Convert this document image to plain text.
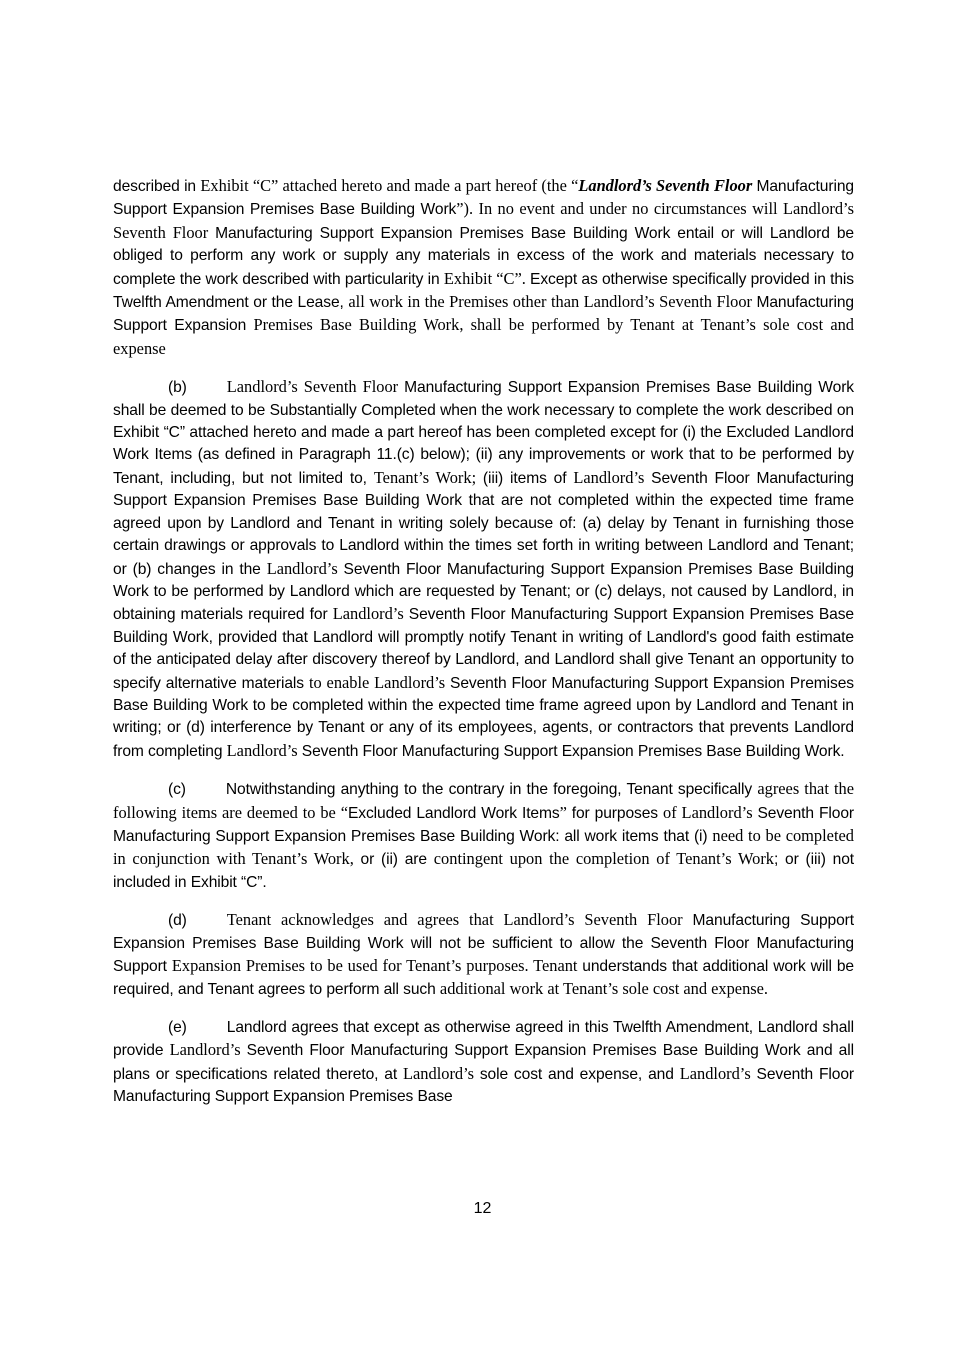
described in Exhibit “C” attached hereto and made a part hereof (the “Landlord’s Seventh Floor Manufacturing Support Expansion Premises Base Building Work”). In no event and under no circumstances will Landlord’s Seventh Floor Manufacturing Support Expansion Premises Base Building Work entail or will Landlord be obliged to perform any work or supply any materials in excess of the work and materials necessary to complete the work described with particularity in Exhibit “C”. Except as otherwise specifically provided in this Twelfth Amendment or the Lease, all work in the Premises other than Landlord’s Seventh Floor Manufacturing Support Expansion Premises Base Building Work, shall be performed by Tenant at Tenant’s sole cost and expense

(b) Landlord’s Seventh Floor Manufacturing Support Expansion Premises Base Building Work shall be deemed to be Substantially Completed when the work necessary to complete the work described on Exhibit “C” attached hereto and made a part hereof has been completed except for (i) the Excluded Landlord Work Items (as defined in Paragraph 11.(c) below); (ii) any improvements or work that to be performed by Tenant, including, but not limited to, Tenant’s Work; (iii) items of Landlord’s Seventh Floor Manufacturing Support Expansion Premises Base Building Work that are not completed within the expected time frame agreed upon by Landlord and Tenant in writing solely because of: (a) delay by Tenant in furnishing those certain drawings or approvals to Landlord within the times set forth in writing between Landlord and Tenant; or (b) changes in the Landlord’s Seventh Floor Manufacturing Support Expansion Premises Base Building Work to be performed by Landlord which are requested by Tenant; or (c) delays, not caused by Landlord, in obtaining materials required for Landlord’s Seventh Floor Manufacturing Support Expansion Premises Base Building Work, provided that Landlord will promptly notify Tenant in writing of Landlord's good faith estimate of the anticipated delay after discovery thereof by Landlord, and Landlord shall give Tenant an opportunity to specify alternative materials to enable Landlord’s Seventh Floor Manufacturing Support Expansion Premises Base Building Work to be completed within the expected time frame agreed upon by Landlord and Tenant in writing; or (d) interference by Tenant or any of its employees, agents, or contractors that prevents Landlord from completing Landlord’s Seventh Floor Manufacturing Support Expansion Premises Base Building Work.

(c)	Notwithstanding anything to the contrary in the foregoing, Tenant specifically agrees that the following items are deemed to be “Excluded Landlord Work Items” for purposes of Landlord’s Seventh Floor Manufacturing Support Expansion Premises Base Building Work: all work items that (i) need to be completed in conjunction with Tenant’s Work, or (ii) are contingent upon the completion of Tenant’s Work; or (iii) not included in Exhibit “C”.

(d) Tenant acknowledges and agrees that Landlord’s Seventh Floor Manufacturing Support Expansion Premises Base Building Work will not be sufficient to allow the Seventh Floor Manufacturing Support Expansion Premises to be used for Tenant’s purposes. Tenant understands that additional work will be required, and Tenant agrees to perform all such additional work at Tenant’s sole cost and expense.

(e)	Landlord agrees that except as otherwise agreed in this Twelfth Amendment, Landlord shall provide Landlord’s Seventh Floor Manufacturing Support Expansion Premises Base Building Work and all plans or specifications related thereto, at Landlord’s sole cost and expense, and Landlord’s Seventh Floor Manufacturing Support Expansion Premises Base

12
